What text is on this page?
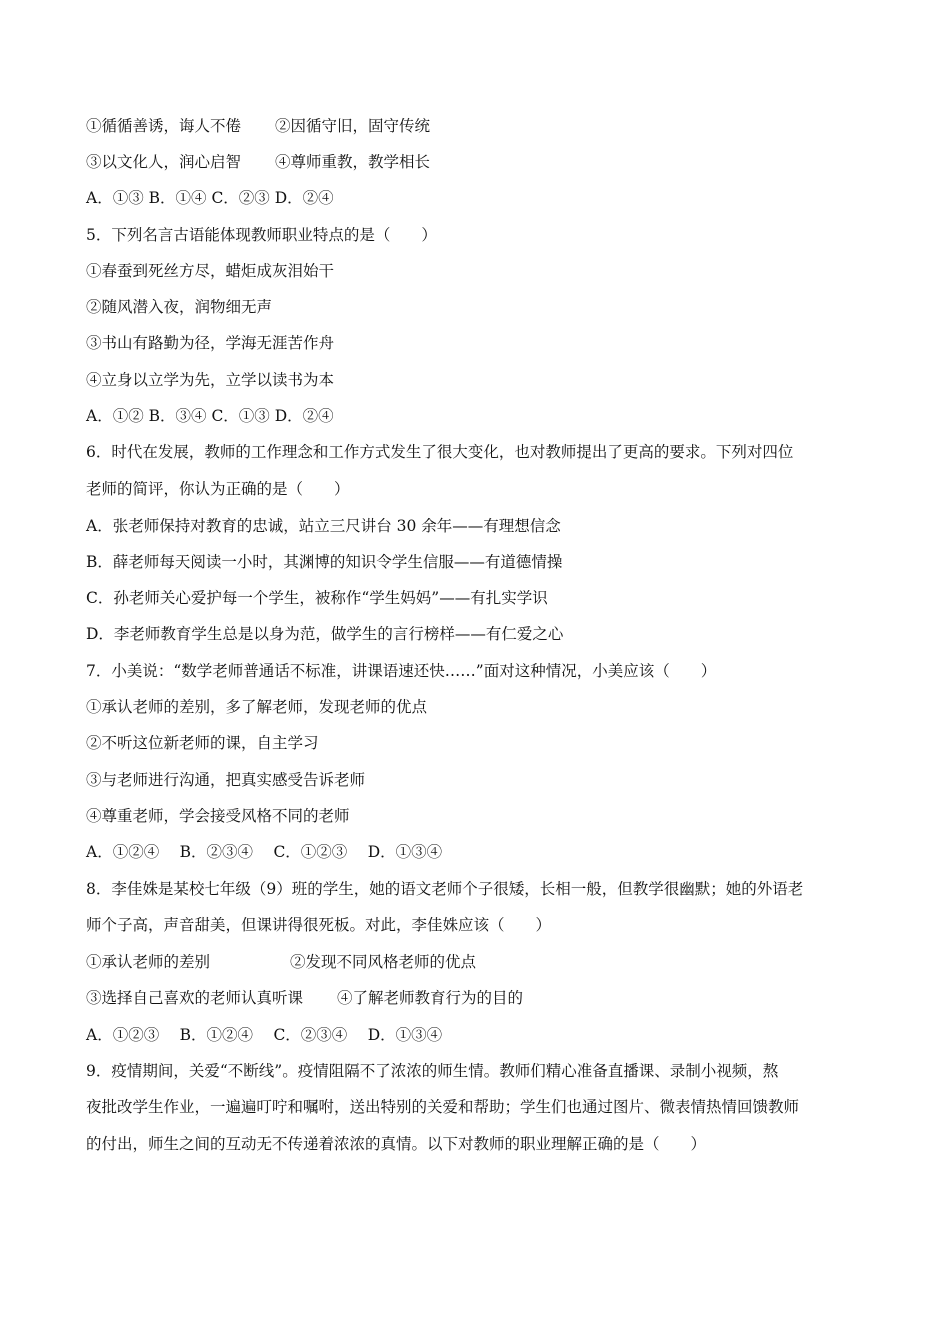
①循循善诱，诲人不倦 ②因循守旧，固守传统
③以文化人，润心启智 ④尊师重教，教学相长
A．①③ B．①④ C．②③ D．②④
5．下列名言古语能体现教师职业特点的是（　　）
①春蚕到死丝方尽，蜡炬成灰泪始干
②随风潜入夜，润物细无声
③书山有路勤为径，学海无涯苦作舟
④立身以立学为先，立学以读书为本
A．①② B．③④ C．①③ D．②④
6．时代在发展，教师的工作理念和工作方式发生了很大变化，也对教师提出了更高的要求。下列对四位
老师的简评，你认为正确的是（　　）
A．张老师保持对教育的忠诚，站立三尺讲台 30 余年——有理想信念
B．薛老师每天阅读一小时，其渊博的知识令学生信服——有道德情操
C．孙老师关心爱护每一个学生，被称作“学生妈妈”——有扎实学识
D．李老师教育学生总是以身为范，做学生的言行榜样——有仁爱之心
7．小美说：“数学老师普通话不标准，讲课语速还快……”面对这种情况，小美应该（　　）
①承认老师的差别，多了解老师，发现老师的优点
②不听这位新老师的课，自主学习
③与老师进行沟通，把真实感受告诉老师
④尊重老师，学会接受风格不同的老师
A．①②④　 B．②③④　 C．①②③　 D．①③④
8．李佳姝是某校七年级（9）班的学生，她的语文老师个子很矮，长相一般，但教学很幽默；她的外语老
师个子高，声音甜美，但课讲得很死板。对此，李佳姝应该（　　）
①承认老师的差别	②发现不同风格老师的优点
③选择自己喜欢的老师认真听课 ④了解老师教育行为的目的
A．①②③　 B．①②④　 C．②③④　 D．①③④
9．疫情期间，关爱“不断线”。疫情阻隔不了浓浓的师生情。教师们精心准备直播课、录制小视频，熬
夜批改学生作业，一遍遍叮咛和嘱咐，送出特别的关爱和帮助；学生们也通过图片、微表情热情回馈教师
的付出，师生之间的互动无不传递着浓浓的真情。以下对教师的职业理解正确的是（　　）
